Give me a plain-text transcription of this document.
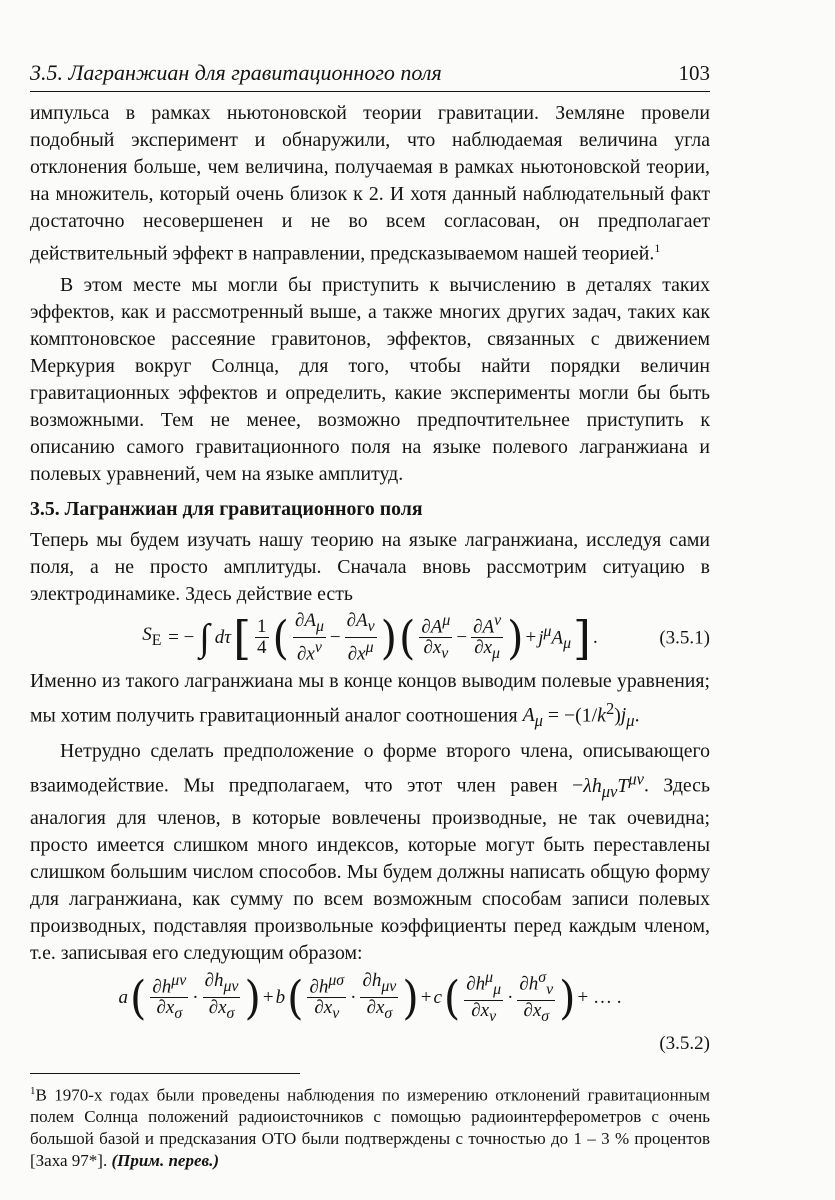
3.5. Лагранжиан для гравитационного поля	103

импульса в рамках ньютоновской теории гравитации. Земляне провели подобный эксперимент и обнаружили, что наблюдаемая величина угла отклонения больше, чем величина, получаемая в рамках ньютоновской теории, на множитель, который очень близок к 2. И хотя данный наблюдательный факт достаточно несовершенен и не во всем согласован, он предполагает действительный эффект в направлении, предсказываемом нашей теорией.$^1$

В этом месте мы могли бы приступить к вычислению в деталях таких эффектов, как и рассмотренный выше, а также многих других задач, таких как комптоновское рассеяние гравитонов, эффектов, связанных с движением Меркурия вокруг Солнца, для того, чтобы найти порядки величин гравитационных эффектов и определить, какие эксперименты могли бы быть возможными. Тем не менее, возможно предпочтительнее приступить к описанию самого гравитационного поля на языке полевого лагранжиана и полевых уравнений, чем на языке амплитуд.

3.5. Лагранжиан для гравитационного поля

Теперь мы будем изучать нашу теорию на языке лагранжиана, исследуя сами поля, а не просто амплитуды. Сначала вновь рассмотрим ситуацию в электродинамике. Здесь действие есть

$S_E$ = − ∫ dτ [ $\frac{1}{4}$ ( $\frac{\partial A_\mu}{\partial x^\nu} - \frac{\partial A_\nu}{\partial x^\mu}$ ) ( $\frac{\partial A^\mu}{\partial x_\nu} - \frac{\partial A^\nu}{\partial x_\mu}$ ) + $j^\mu A_\mu$ ] .	(3.5.1)

Именно из такого лагранжиана мы в конце концов выводим полевые уравнения; мы хотим получить гравитационный аналог соотношения $A_\mu = -(1/k^2)j_\mu$.

Нетрудно сделать предположение о форме второго члена, описывающего взаимодействие. Мы предполагаем, что этот член равен $-\lambda h_{\mu\nu}T^{\mu\nu}$. Здесь аналогия для членов, в которые вовлечены производные, не так очевидна; просто имеется слишком много индексов, которые могут быть переставлены слишком большим числом способов. Мы будем должны написать общую форму для лагранжиана, как сумму по всем возможным способам записи полевых производных, подставляя произвольные коэффициенты перед каждым членом, т.е. записывая его следующим образом:

a ( $\frac{\partial h^{\mu\nu}}{\partial x_\sigma} \cdot \frac{\partial h_{\mu\nu}}{\partial x_\sigma}$ ) + b ( $\frac{\partial h^{\mu\sigma}}{\partial x_\nu} \cdot \frac{\partial h_{\mu\nu}}{\partial x_\sigma}$ ) + c ( $\frac{\partial h^\mu_\mu}{\partial x_\nu} \cdot \frac{\partial h^\sigma_\nu}{\partial x_\sigma}$ ) + … .
(3.5.2)
$^1$В 1970-х годах были проведены наблюдения по измерению отклонений гравитационным полем Солнца положений радиоисточников с помощью радиоинтерферометров с очень большой базой и предсказания ОТО были подтверждены с точностью до 1 – 3 % процентов [Заха 97*]. (Прим. перев.)
